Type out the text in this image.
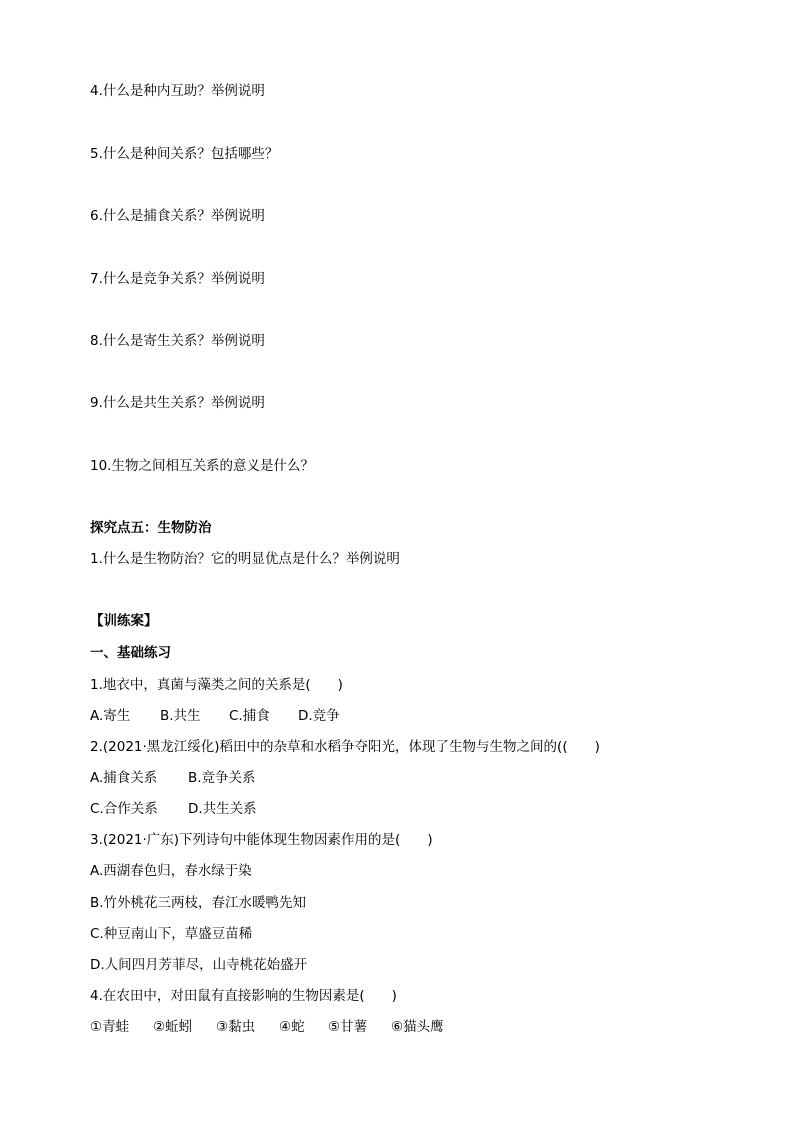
4.什么是种内互助？举例说明
5.什么是种间关系？包括哪些？
6.什么是捕食关系？举例说明
7.什么是竞争关系？举例说明
8.什么是寄生关系？举例说明
9.什么是共生关系？举例说明
10.生物之间相互关系的意义是什么？
探究点五：生物防治
1.什么是生物防治？它的明显优点是什么？举例说明
【训练案】
一、基础练习
1.地衣中，真菌与藻类之间的关系是(　　)

A.寄生

B.共生

C.捕食

D.竞争

2.(2021·黑龙江绥化)稻田中的杂草和水稻争夺阳光，体现了生物与生物之间的((　　)

A.捕食关系

B.竞争关系

C.合作关系

D.共生关系

3.(2021·广东)下列诗句中能体现生物因素作用的是(　　)
A.西湖春色归，春水绿于染
B.竹外桃花三两枝，春江水暖鸭先知
C.种豆南山下，草盛豆苗稀
D.人间四月芳菲尽，山寺桃花始盛开
4.在农田中，对田鼠有直接影响的生物因素是(　　)

①青蛙

②蚯蚓

③黏虫

④蛇

⑤甘薯

⑥猫头鹰
